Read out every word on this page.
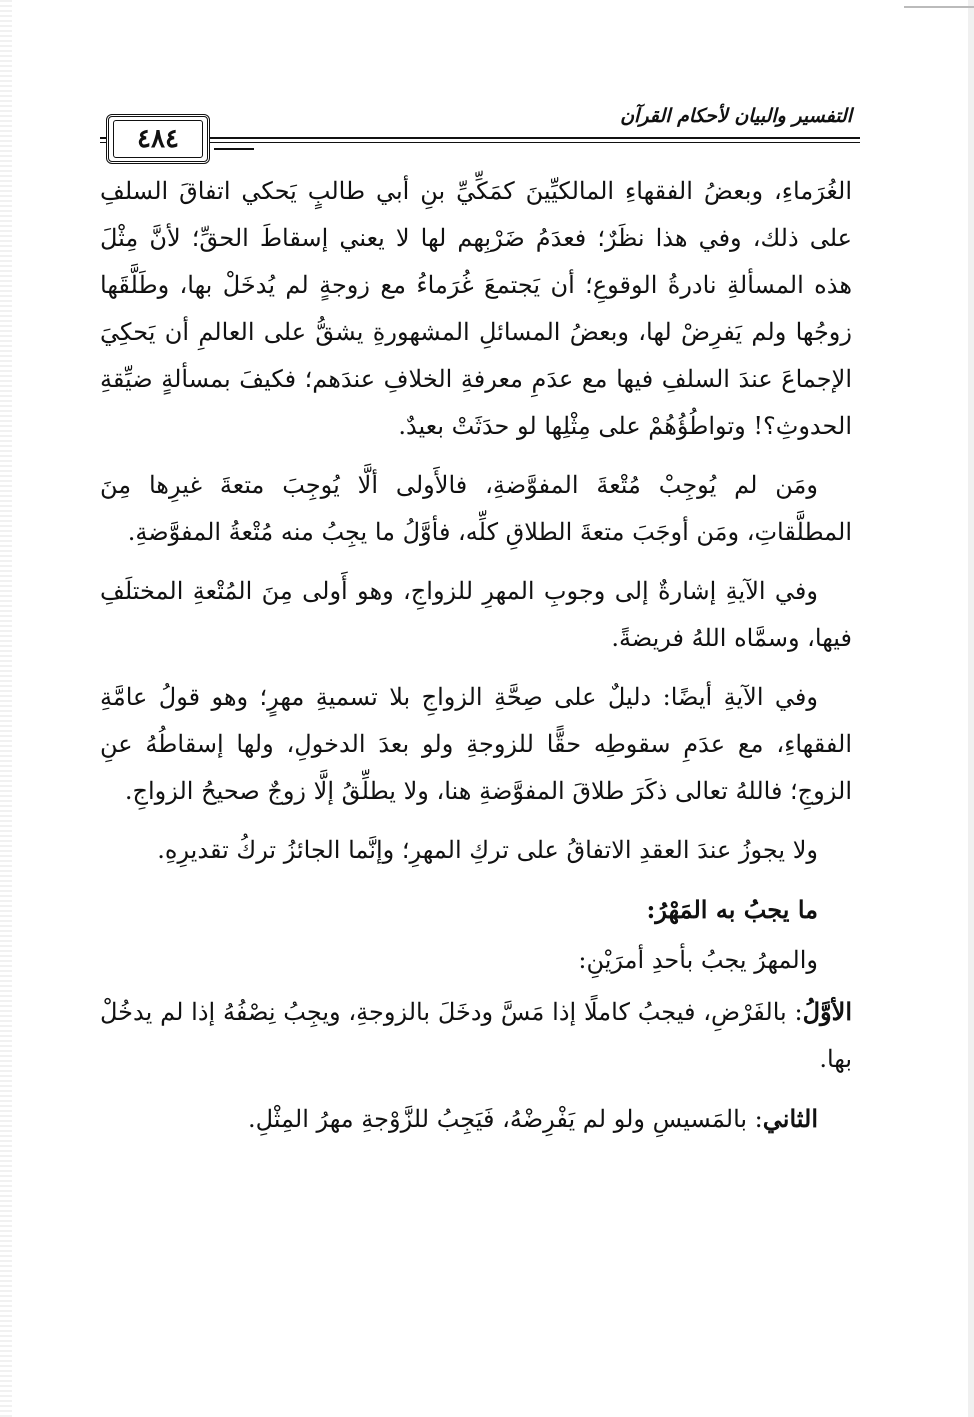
التفسير والبيان لأحكام القرآن
٤٨٤

الغُرَماءِ، وبعضُ الفقهاءِ المالكيِّينَ كمَكِّيِّ بنِ أبي طالبٍ يَحكي اتفاقَ السلفِ على ذلك، وفي هذا نظَرٌ؛ فعدَمُ ضَرْبِهم لها لا يعني إسقاطَ الحقِّ؛ لأنَّ مِثْلَ هذه المسألةِ نادرةُ الوقوعِ؛ أن يَجتمعَ غُرَماءُ مع زوجةٍ لم يُدخَلْ بها، وطَلَّقَها زوجُها ولم يَفرِضْ لها، وبعضُ المسائلِ المشهورةِ يشقُّ على العالمِ أن يَحكِيَ الإجماعَ عندَ السلفِ فيها مع عدَمِ معرفةِ الخلافِ عندَهم؛ فكيفَ بمسألةٍ ضيِّقةِ الحدوثِ؟! وتواطُؤُهُمْ على مِثْلِها لو حدَثَتْ بعيدٌ.

ومَن لم يُوجِبْ مُتْعةَ المفوَّضةِ، فالأَولى ألَّا يُوجِبَ متعةَ غيرِها مِنَ المطلَّقاتِ، ومَن أوجَبَ متعةَ الطلاقِ كلِّه، فأوَّلُ ما يجِبُ منه مُتْعةُ المفوَّضةِ.

وفي الآيةِ إشارةٌ إلى وجوبِ المهرِ للزواجِ، وهو أَولى مِنَ المُتْعةِ المختلَفِ فيها، وسمَّاه اللهُ فريضةً.

وفي الآيةِ أيضًا: دليلٌ على صِحَّةِ الزواجِ بلا تسميةِ مهرٍ؛ وهو قولُ عامَّةِ الفقهاءِ، مع عدَمِ سقوطِه حقًّا للزوجةِ ولو بعدَ الدخولِ، ولها إسقاطُهُ عنِ الزوجِ؛ فاللهُ تعالى ذكَرَ طلاقَ المفوَّضةِ هنا، ولا يطلِّقُ إلَّا زوجٌ صحيحُ الزواجِ.

ولا يجوزُ عندَ العقدِ الاتفاقُ على تركِ المهرِ؛ وإنَّما الجائزُ تركُ تقديرِهِ.

ما يجبُ به المَهْرُ:

والمهرُ يجبُ بأحدِ أمرَيْنِ:

الأوَّلُ: بالفَرْضِ، فيجبُ كاملًا إذا مَسَّ ودخَلَ بالزوجةِ، ويجِبُ نِصْفُهُ إذا لم يدخُلْ بها.

الثاني: بالمَسيسِ ولو لم يَفْرِضْهُ، فَيَجِبُ للزَّوْجةِ مهرُ المِثْلِ.
